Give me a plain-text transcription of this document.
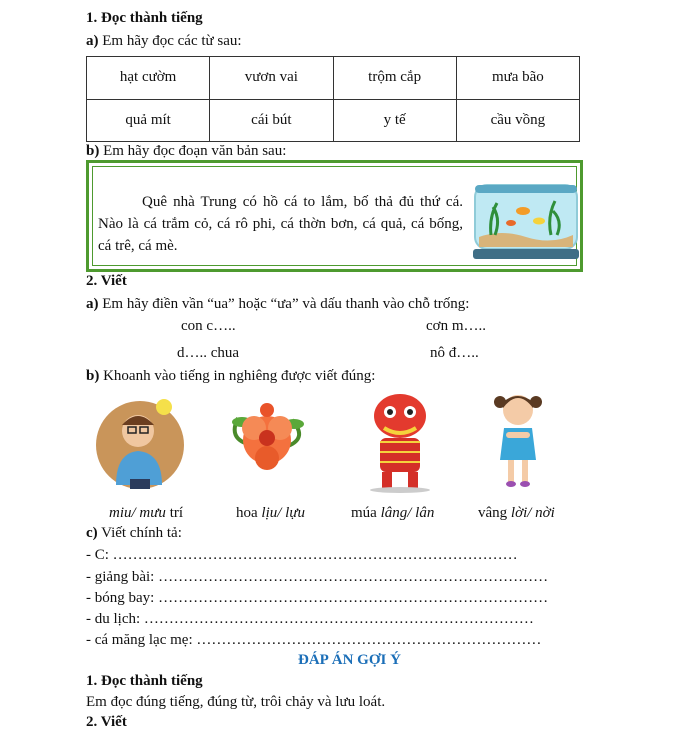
1. Đọc thành tiếng
a) Em hãy đọc các từ sau:
hạt cườm	vươn vai	trộm cắp	mưa bão
quả mít	cái bút	y tế	cầu vồng
b) Em hãy đọc đoạn văn bản sau:
Quê nhà Trung có hồ cá to lắm, bố thả đủ thứ cá. Nào là cá trắm cỏ, cá rô phi, cá thờn bơn, cá quả, cá bống, cá trê, cá mè.
2. Viết
a) Em hãy điền vần “ua” hoặc “ưa” và dấu thanh vào chỗ trống:
con c…..	cơn m…..
d….. chua	nô đ…..
b) Khoanh vào tiếng in nghiêng được viết đúng:
miu/ mưu trí	hoa lịu/ lựu	múa lâng/ lân	vâng lời/ nời
c) Viết chính tả:
- C: ………………………………………………………………………
- giảng bài: ……………………………………………………………………
- bóng bay: ……………………………………………………………………
- du lịch: ……………………………………………………………………
- cá măng lạc mẹ: ……………………………………………………………
ĐÁP ÁN GỢI Ý
1. Đọc thành tiếng
Em đọc đúng tiếng, đúng từ, trôi chảy và lưu loát.
2. Viết
